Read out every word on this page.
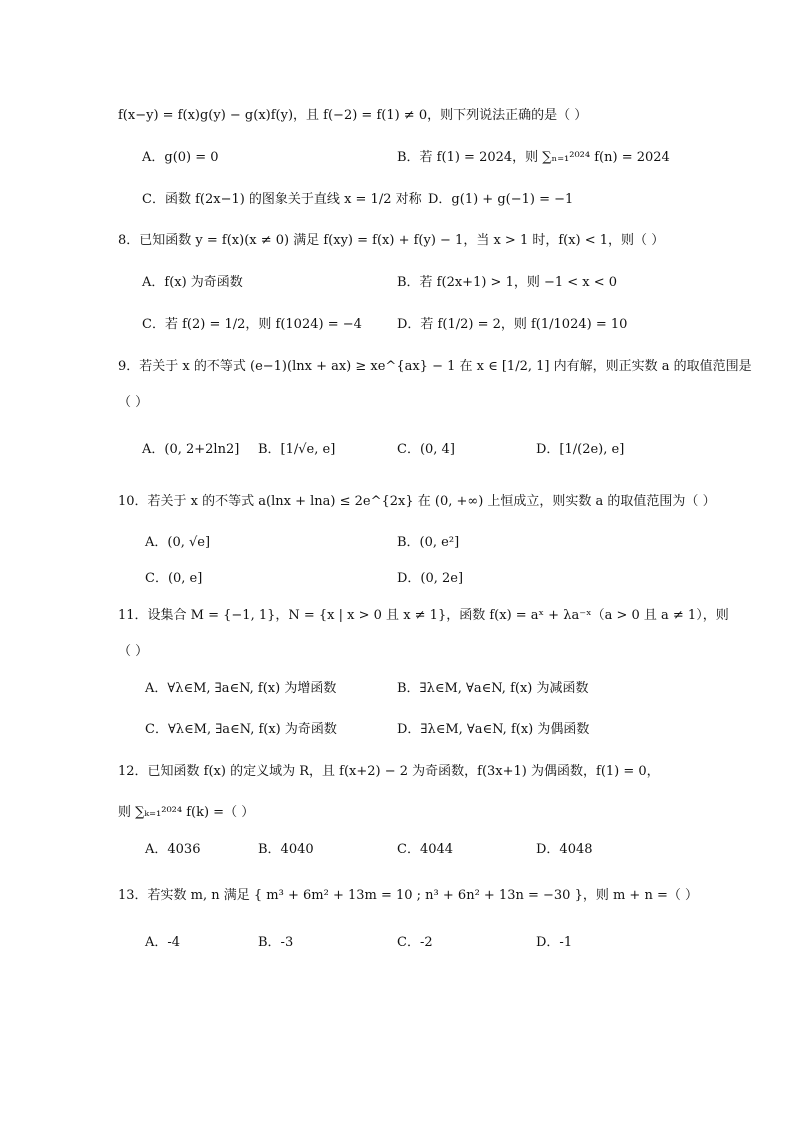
f(x−y) = f(x)g(y) − g(x)f(y)，且 f(−2) = f(1) ≠ 0，则下列说法正确的是（ ）
A．g(0) = 0	B．若 f(1) = 2024，则 ∑ₙ₌₁²⁰²⁴ f(n) = 2024
C．函数 f(2x−1) 的图象关于直线 x = 1/2 对称 D．g(1) + g(−1) = −1
8．已知函数 y = f(x)(x ≠ 0) 满足 f(xy) = f(x) + f(y) − 1，当 x > 1 时，f(x) < 1，则（ ）
A．f(x) 为奇函数	B．若 f(2x+1) > 1，则 −1 < x < 0
C．若 f(2) = 1/2，则 f(1024) = −4	D．若 f(1/2) = 2，则 f(1/1024) = 10
9．若关于 x 的不等式 (e−1)(lnx + ax) ≥ xe^{ax} − 1 在 x ∈ [1/2, 1] 内有解，则正实数 a 的取值范围是
（ ）
A．(0, 2+2ln2] B．[1/√e, e]	C．(0, 4]	D．[1/(2e), e]
10．若关于 x 的不等式 a(lnx + lna) ≤ 2e^{2x} 在 (0, +∞) 上恒成立，则实数 a 的取值范围为（ ）
A．(0, √e]	B．(0, e²]
C．(0, e]	D．(0, 2e]
11．设集合 M = {−1, 1}，N = {x | x > 0 且 x ≠ 1}，函数 f(x) = aˣ + λa⁻ˣ（a > 0 且 a ≠ 1），则
（ ）
A．∀λ∈M, ∃a∈N, f(x) 为增函数	B．∃λ∈M, ∀a∈N, f(x) 为减函数
C．∀λ∈M, ∃a∈N, f(x) 为奇函数	D．∃λ∈M, ∀a∈N, f(x) 为偶函数
12．已知函数 f(x) 的定义域为 R，且 f(x+2) − 2 为奇函数，f(3x+1) 为偶函数，f(1) = 0，
则 ∑ₖ₌₁²⁰²⁴ f(k) =（ ）
A．4036	B．4040	C．4044	D．4048
13．若实数 m, n 满足 { m³ + 6m² + 13m = 10 ; n³ + 6n² + 13n = −30 }，则 m + n =（ ）
A．-4	B．-3	C．-2	D．-1
